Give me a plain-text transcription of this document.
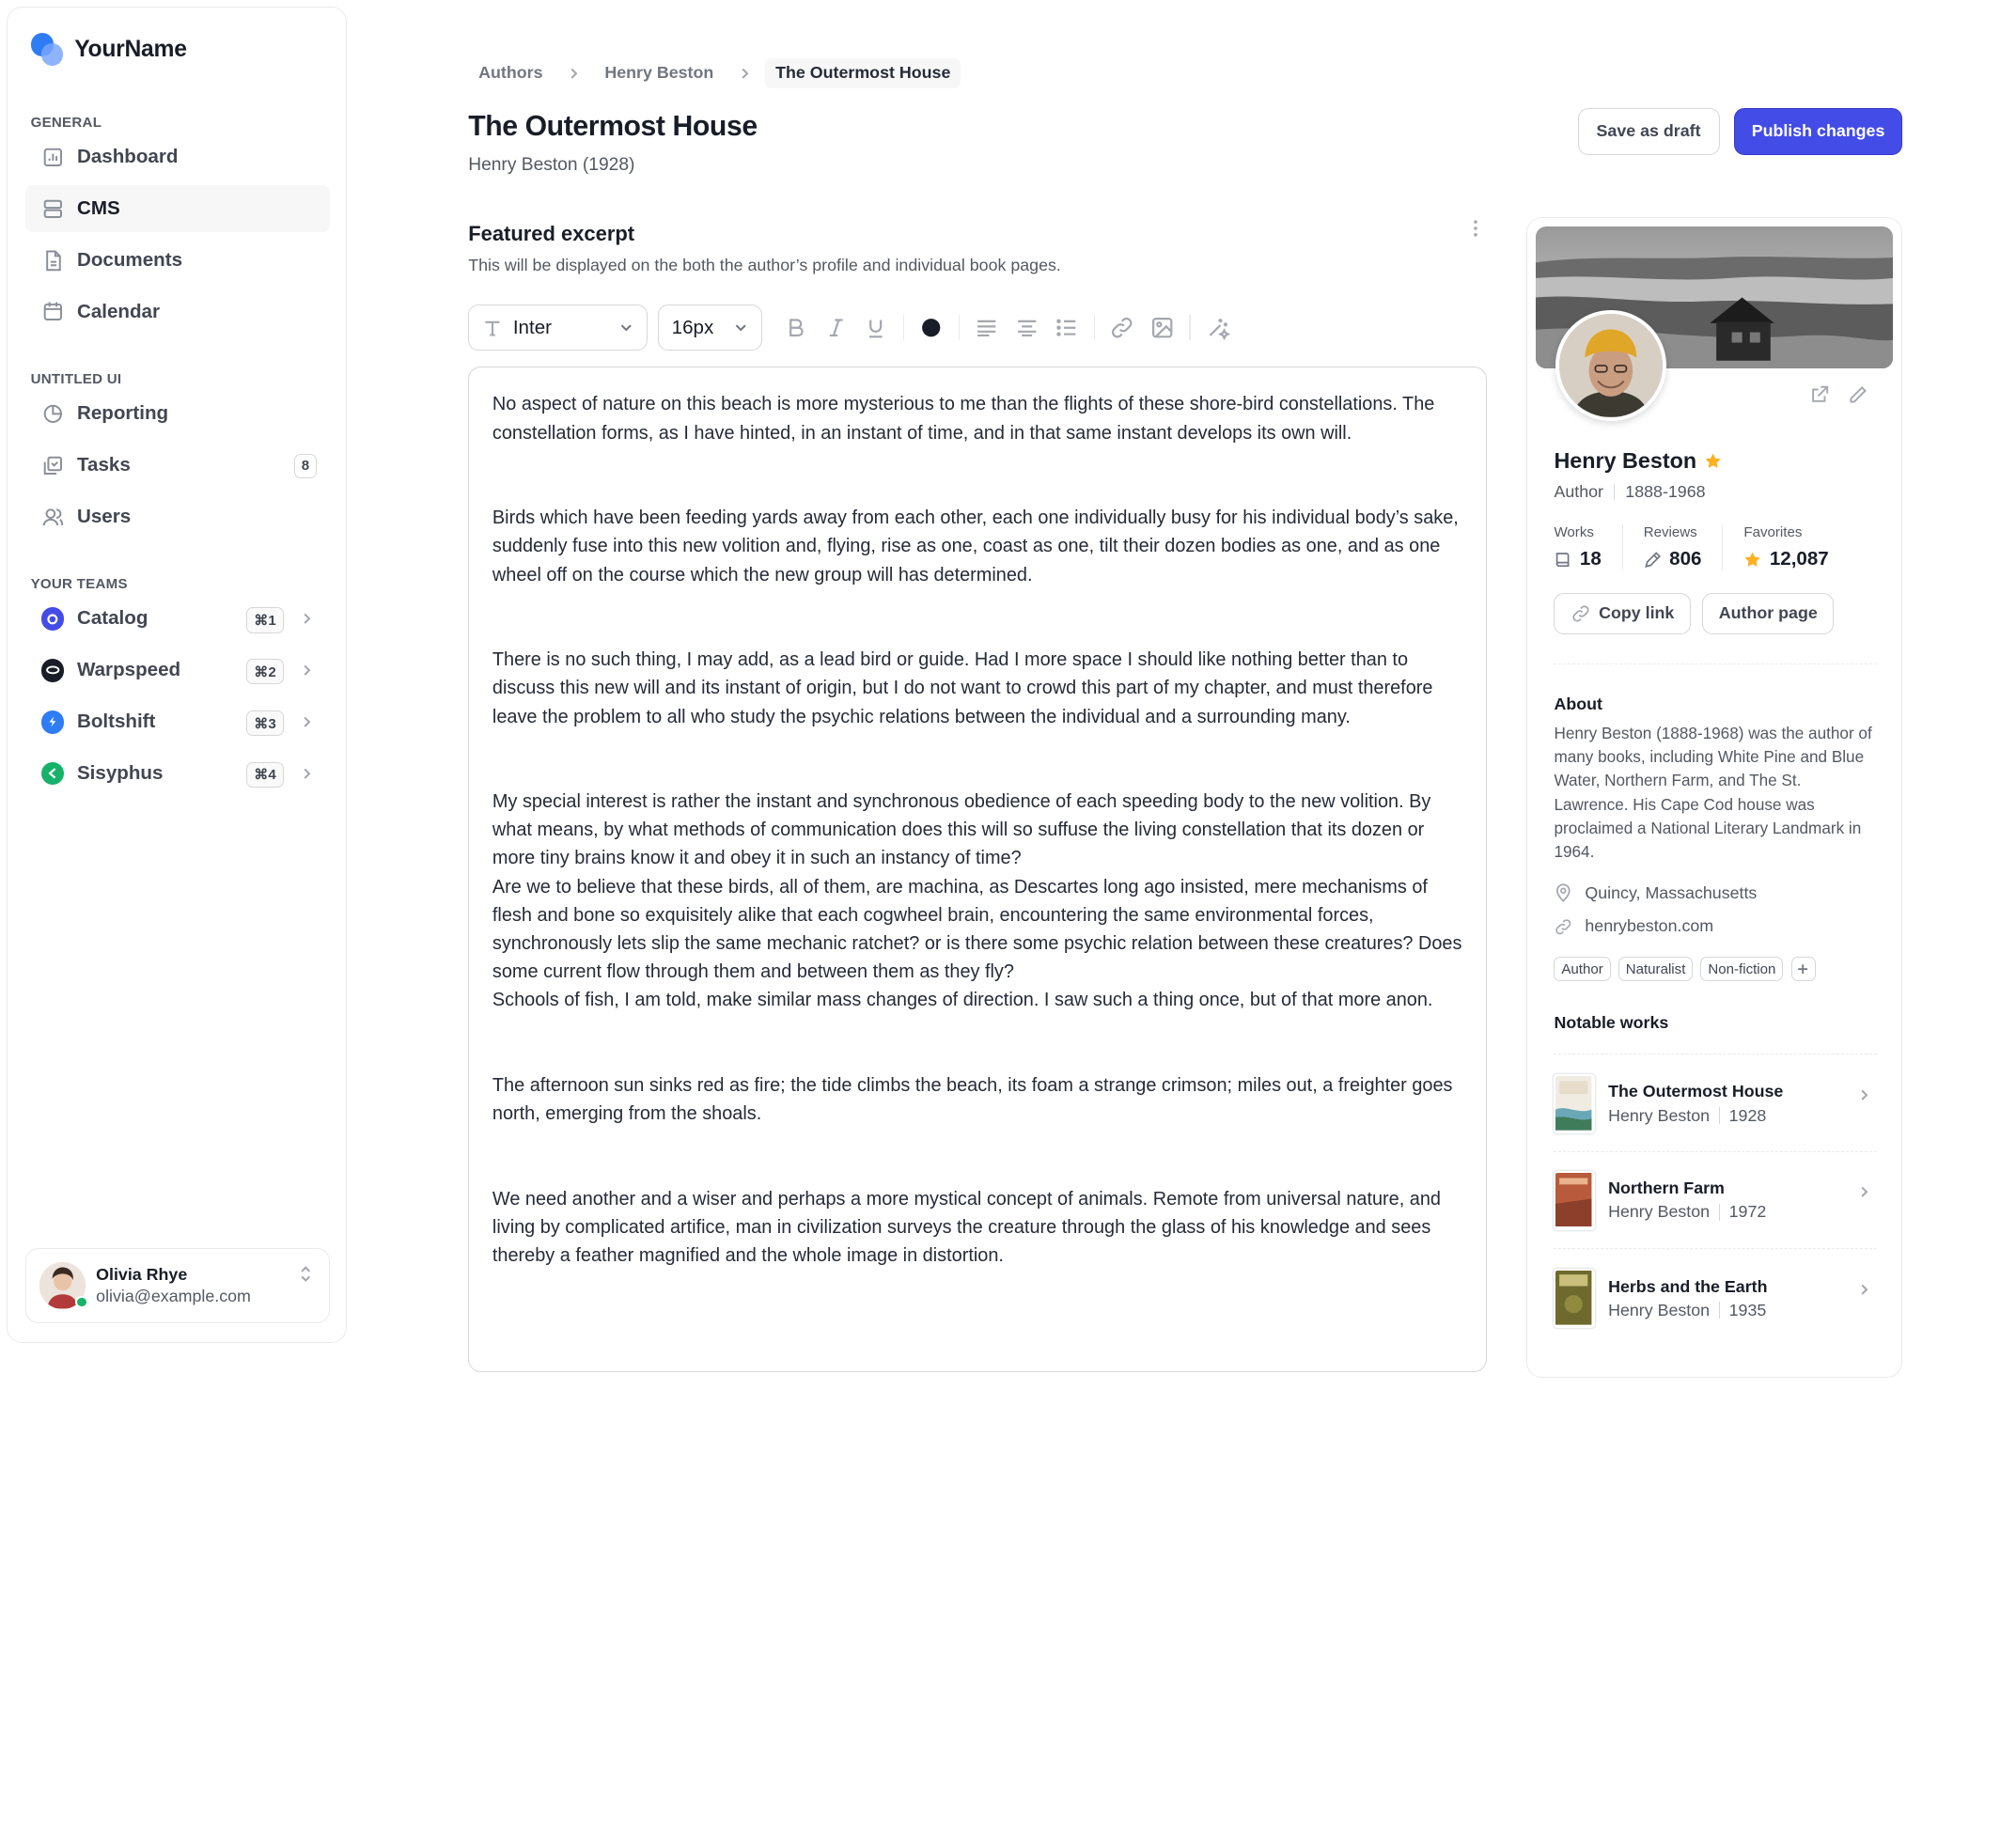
YourName
GENERAL
Dashboard
CMS
Documents
Calendar
UNTITLED UI
Reporting
Tasks	8
Users
YOUR TEAMS
Catalog	⌘1
Warpspeed	⌘2
Boltshift	⌘3
Sisyphus	⌘4
Olivia Rhye
olivia@example.com
Authors	Henry Beston	The Outermost House
The Outermost House
Henry Beston (1928)
Save as draft	Publish changes
Featured excerpt
This will be displayed on the both the author’s profile and individual book pages.
Inter	16px

No aspect of nature on this beach is more mysterious to me than the flights of these shore-bird constellations. The constellation forms, as I have hinted, in an instant of time, and in that same instant develops its own will.

Birds which have been feeding yards away from each other, each one individually busy for his individual body’s sake, suddenly fuse into this new volition and, flying, rise as one, coast as one, tilt their dozen bodies as one, and as one wheel off on the course which the new group will has determined.

There is no such thing, I may add, as a lead bird or guide. Had I more space I should like nothing better than to discuss this new will and its instant of origin, but I do not want to crowd this part of my chapter, and must therefore leave the problem to all who study the psychic relations between the individual and a surrounding many.

My special interest is rather the instant and synchronous obedience of each speeding body to the new volition. By what means, by what methods of communication does this will so suffuse the living constellation that its dozen or more tiny brains know it and obey it in such an instancy of time?
Are we to believe that these birds, all of them, are machina, as Descartes long ago insisted, mere mechanisms of flesh and bone so exquisitely alike that each cogwheel brain, encountering the same environmental forces, synchronously lets slip the same mechanic ratchet? or is there some psychic relation between these creatures? Does some current flow through them and between them as they fly?
Schools of fish, I am told, make similar mass changes of direction. I saw such a thing once, but of that more anon.

The afternoon sun sinks red as fire; the tide climbs the beach, its foam a strange crimson; miles out, a freighter goes north, emerging from the shoals.

We need another and a wiser and perhaps a more mystical concept of animals. Remote from universal nature, and living by complicated artifice, man in civilization surveys the creature through the glass of his knowledge and sees thereby a feather magnified and the whole image in distortion.

Henry Beston
Author 1888-1968
Works
18
Reviews
806
Favorites
12,087
Copy link	Author page
About
Henry Beston (1888-1968) was the author of many books, including White Pine and Blue Water, Northern Farm, and The St. Lawrence. His Cape Cod house was proclaimed a National Literary Landmark in 1964.
Quincy, Massachusetts
henrybeston.com
Author	Naturalist	Non-fiction
Notable works
The Outermost House
Henry Beston 1928
Northern Farm
Henry Beston 1972
Herbs and the Earth
Henry Beston 1935
